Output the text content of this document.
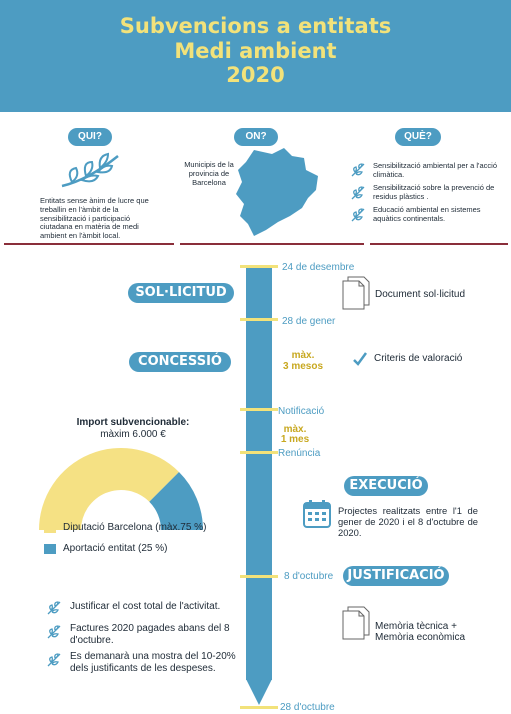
Subvencions a entitats
Medi ambient
2020
QUI?
Entitats sense ànim de lucre que treballin en l'àmbit de la sensibilització i participació ciutadana en matèria de medi ambient en l'àmbit local.
ON?
Municipis de la provincia de Barcelona
QUÈ?
Sensibilització ambiental per a l'acció climàtica.
Sensibilització sobre la prevenció de residus plàstics .
Educació ambiental en sistemes aquàtics continentals.
24 de desembre
28 de gener
màx.
3 mesos
Notificació
màx.
1 mes
Renúncia
8 d'octubre
28 d'octubre
SOL·LICITUD
CONCESSIÓ
EXECUCIÓ
JUSTIFICACIÓ
Document sol·licitud
Criteris de valoració
Projectes realitzats entre l'1 de gener de 2020 i el 8 d'octubre de 2020.
Memòria tècnica +
Memòria econòmica
Import subvencionable:
màxim 6.000 €
Diputació Barcelona (màx.75 %)
Aportació entitat (25 %)
Justificar el cost total de l'activitat.
Factures 2020 pagades abans del 8 d'octubre.
Es demanarà una mostra del 10-20% dels justificants de les despeses.
